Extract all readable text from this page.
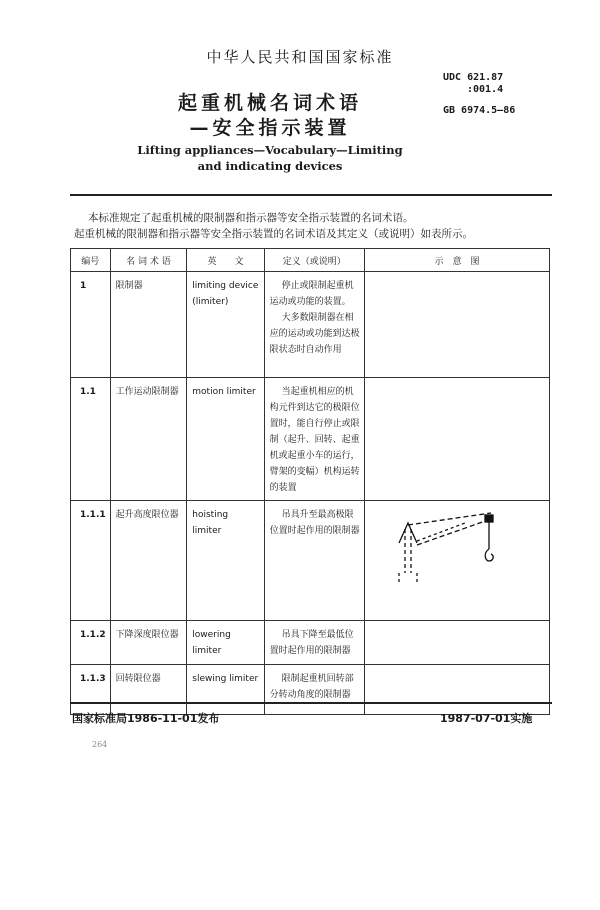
中华人民共和国国家标准
起重机械名词术语
—安全指示装置
Lifting appliances—Vocabulary—Limiting
and indicating devices
UDC 621.87
:001.4
GB 6974.5—86
本标准规定了起重机械的限制器和指示器等安全指示装置的名词术语。
起重机械的限制器和指示器等安全指示装置的名词术语及其定义（或说明）如表所示。
编号	名 词 术 语	英　　文	定义（或说明）	示　意　图
1	限制器	limiting device (limiter)	停止或限制起重机运动或功能的装置。
大多数限制器在相应的运动或功能到达极限状态时自动作用	

1.1	工作运动限制器	motion limiter	当起重机相应的机构元件到达它的极限位置时，能自行停止或限制（起升、回转、起重机或起重小车的运行，臂架的变幅）机构运转的装置	

1.1.1	起升高度限位器	hoisting limiter	吊具升至最高极限位置时起作用的限制器

1.1.2	下降深度限位器	lowering limiter	吊具下降至最低位置时起作用的限制器	

1.1.3	回转限位器	slewing limiter	限制起重机回转部分转动角度的限制器	

国家标准局1986-11-01发布	1987-07-01实施
264
